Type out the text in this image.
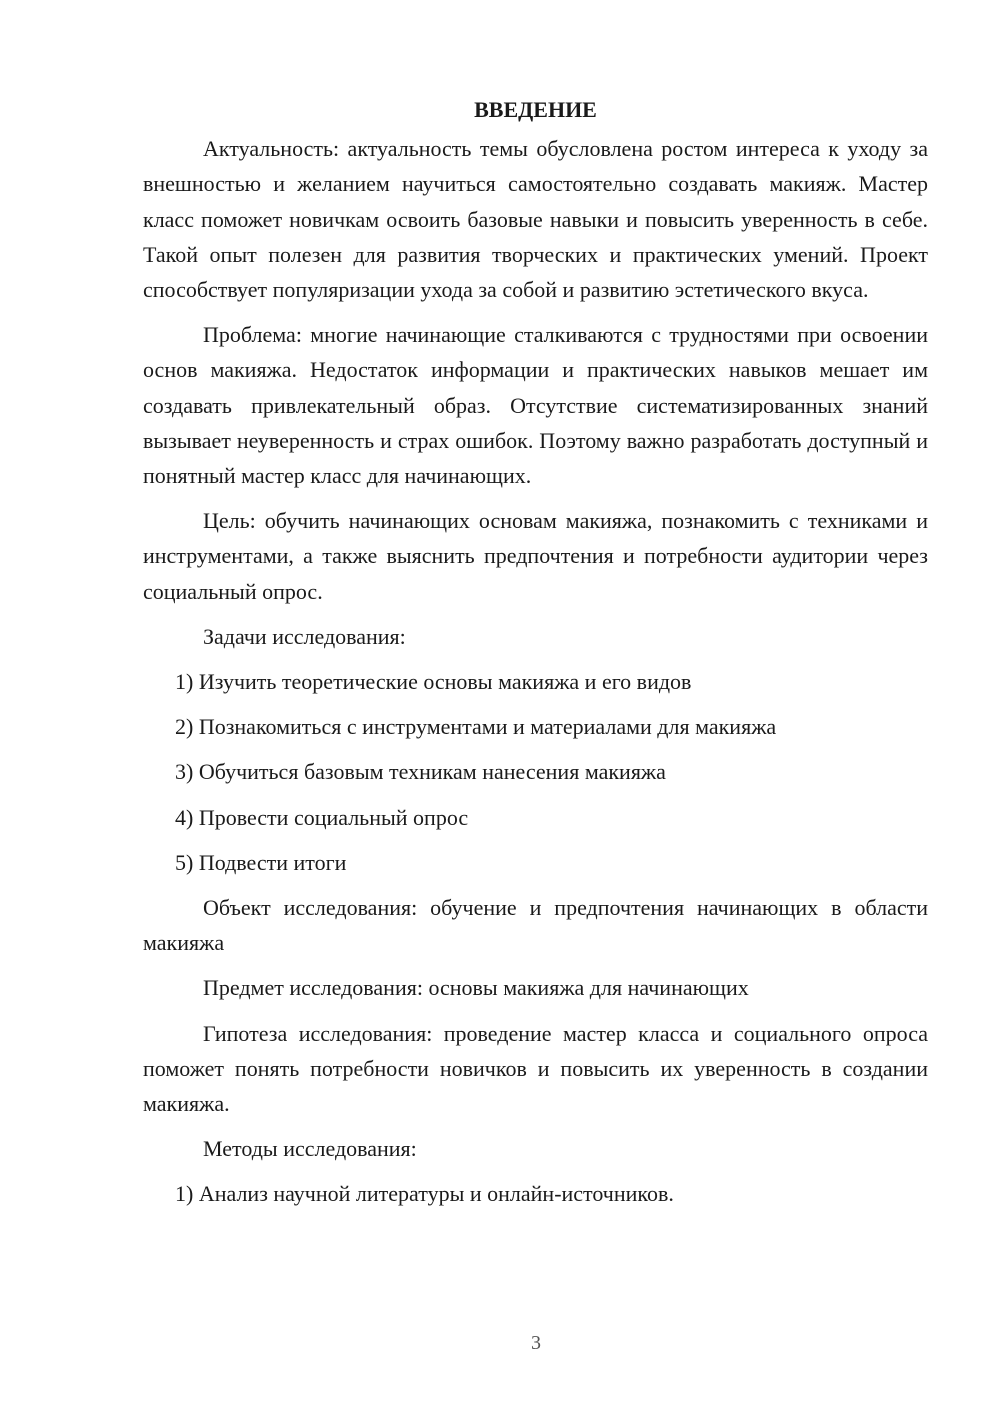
ВВЕДЕНИЕ

Актуальность: актуальность темы обусловлена ростом интереса к уходу за внешностью и желанием научиться самостоятельно создавать макияж. Мастер класс поможет новичкам освоить базовые навыки и повысить уверенность в себе. Такой опыт полезен для развития творческих и практических умений. Проект способствует популяризации ухода за собой и развитию эстетического вкуса.

Проблема: многие начинающие сталкиваются с трудностями при освоении основ макияжа. Недостаток информации и практических навыков мешает им создавать привлекательный образ. Отсутствие систематизированных знаний вызывает неуверенность и страх ошибок. Поэтому важно разработать доступный и понятный мастер класс для начинающих.

Цель: обучить начинающих основам макияжа, познакомить с техниками и инструментами, а также выяснить предпочтения и потребности аудитории через социальный опрос.

Задачи исследования:

1) Изучить теоретические основы макияжа и его видов

2) Познакомиться с инструментами и материалами для макияжа

3) Обучиться базовым техникам нанесения макияжа

4) Провести социальный опрос

5) Подвести итоги

Объект исследования: обучение и предпочтения начинающих в области макияжа

Предмет исследования: основы макияжа для начинающих

Гипотеза исследования: проведение мастер класса и социального опроса поможет понять потребности новичков и повысить их уверенность в создании макияжа.

Методы исследования:

1) Анализ научной литературы и онлайн-источников.

3
